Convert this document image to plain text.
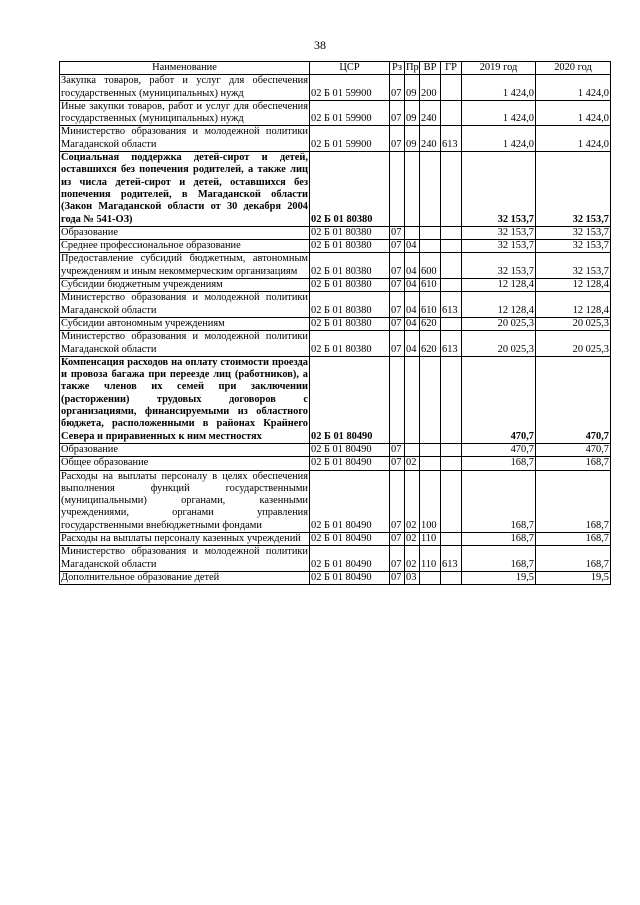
38
Наименование	ЦСР	Рз	Пр	ВР	ГР	2019 год	2020 год
Закупка товаров, работ и услуг для обеспечения государственных (муниципальных) нужд	02 Б 01 59900	07	09	200		1 424,0	1 424,0
Иные закупки товаров, работ и услуг для обеспечения государственных (муниципальных) нужд	02 Б 01 59900	07	09	240		1 424,0	1 424,0
Министерство образования и молодежной политики Магаданской области	02 Б 01 59900	07	09	240	613	1 424,0	1 424,0
Социальная поддержка детей-сирот и детей, оставшихся без попечения родителей, а также лиц из числа детей-сирот и детей, оставшихся без попечения родителей, в Магаданской области (Закон Магаданской области от 30 декабря 2004 года № 541-ОЗ)	02 Б 01 80380					32 153,7	32 153,7
Образование	02 Б 01 80380	07				32 153,7	32 153,7
Среднее профессиональное образование	02 Б 01 80380	07	04			32 153,7	32 153,7
Предоставление субсидий бюджетным, автономным учреждениям и иным некоммерческим организациям	02 Б 01 80380	07	04	600		32 153,7	32 153,7
Субсидии бюджетным учреждениям	02 Б 01 80380	07	04	610		12 128,4	12 128,4
Министерство образования и молодежной политики Магаданской области	02 Б 01 80380	07	04	610	613	12 128,4	12 128,4
Субсидии автономным учреждениям	02 Б 01 80380	07	04	620		20 025,3	20 025,3
Министерство образования и молодежной политики Магаданской области	02 Б 01 80380	07	04	620	613	20 025,3	20 025,3
Компенсация расходов на оплату стоимости проезда и провоза багажа при переезде лиц (работников), а также членов их семей при заключении (расторжении) трудовых договоров с организациями, финансируемыми из областного бюджета, расположенными в районах Крайнего Севера и приравненных к ним местностях	02 Б 01 80490					470,7	470,7
Образование	02 Б 01 80490	07				470,7	470,7
Общее образование	02 Б 01 80490	07	02			168,7	168,7
Расходы на выплаты персоналу в целях обеспечения выполнения функций государственными (муниципальными) органами, казенными учреждениями, органами управления государственными внебюджетными фондами	02 Б 01 80490	07	02	100		168,7	168,7
Расходы на выплаты персоналу казенных учреждений	02 Б 01 80490	07	02	110		168,7	168,7
Министерство образования и молодежной политики Магаданской области	02 Б 01 80490	07	02	110	613	168,7	168,7
Дополнительное образование детей	02 Б 01 80490	07	03			19,5	19,5
